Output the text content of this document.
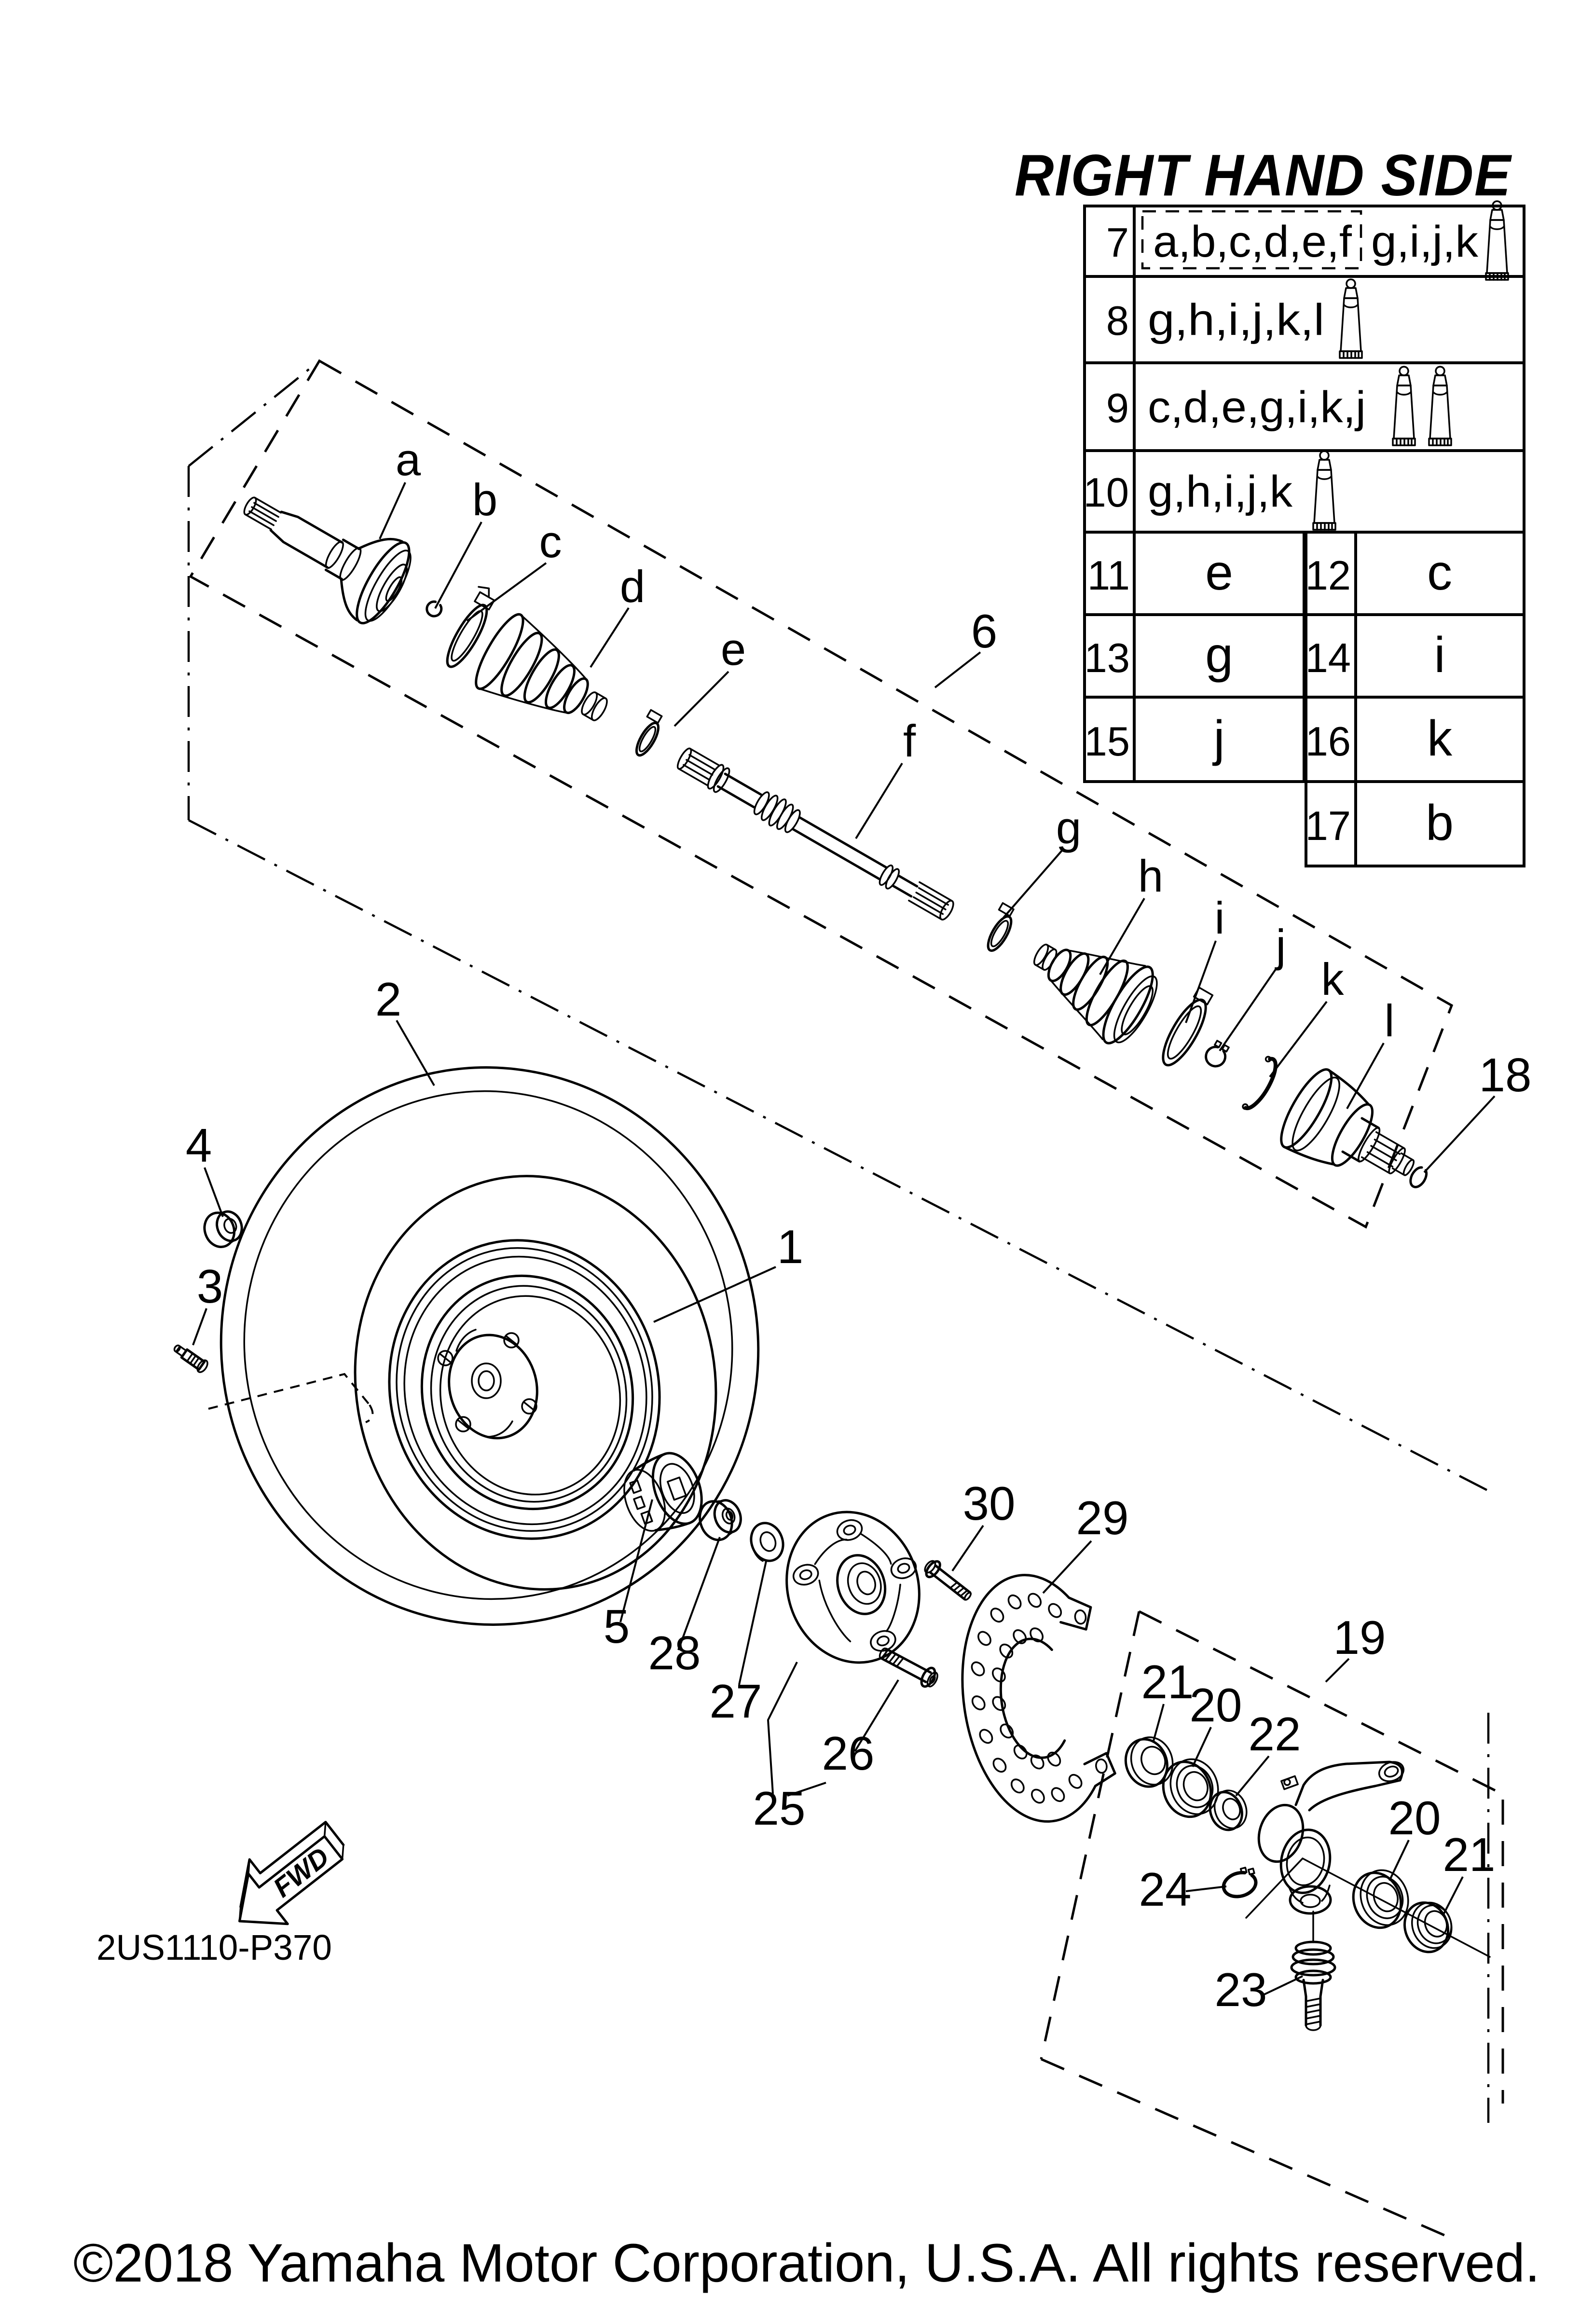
a
b
c
d
e
f
g
h
i
j
k
l
1
2
3
4
5
6
18
19
20
21
22
23
24
25
26
27
28
29
30
20
21
RIGHT HAND SIDE
7 a,b,c,d,e,f g,i,j,k
8 g,h,i,j,k,l
9 c,d,e,g,i,k,j
10 g,h,i,j,k
11 e 12 c
13 g 14 i
15 j 16 k
17 b
FWD
2US1110-P370
©2018 Yamaha Motor Corporation, U.S.A. All rights reserved.
